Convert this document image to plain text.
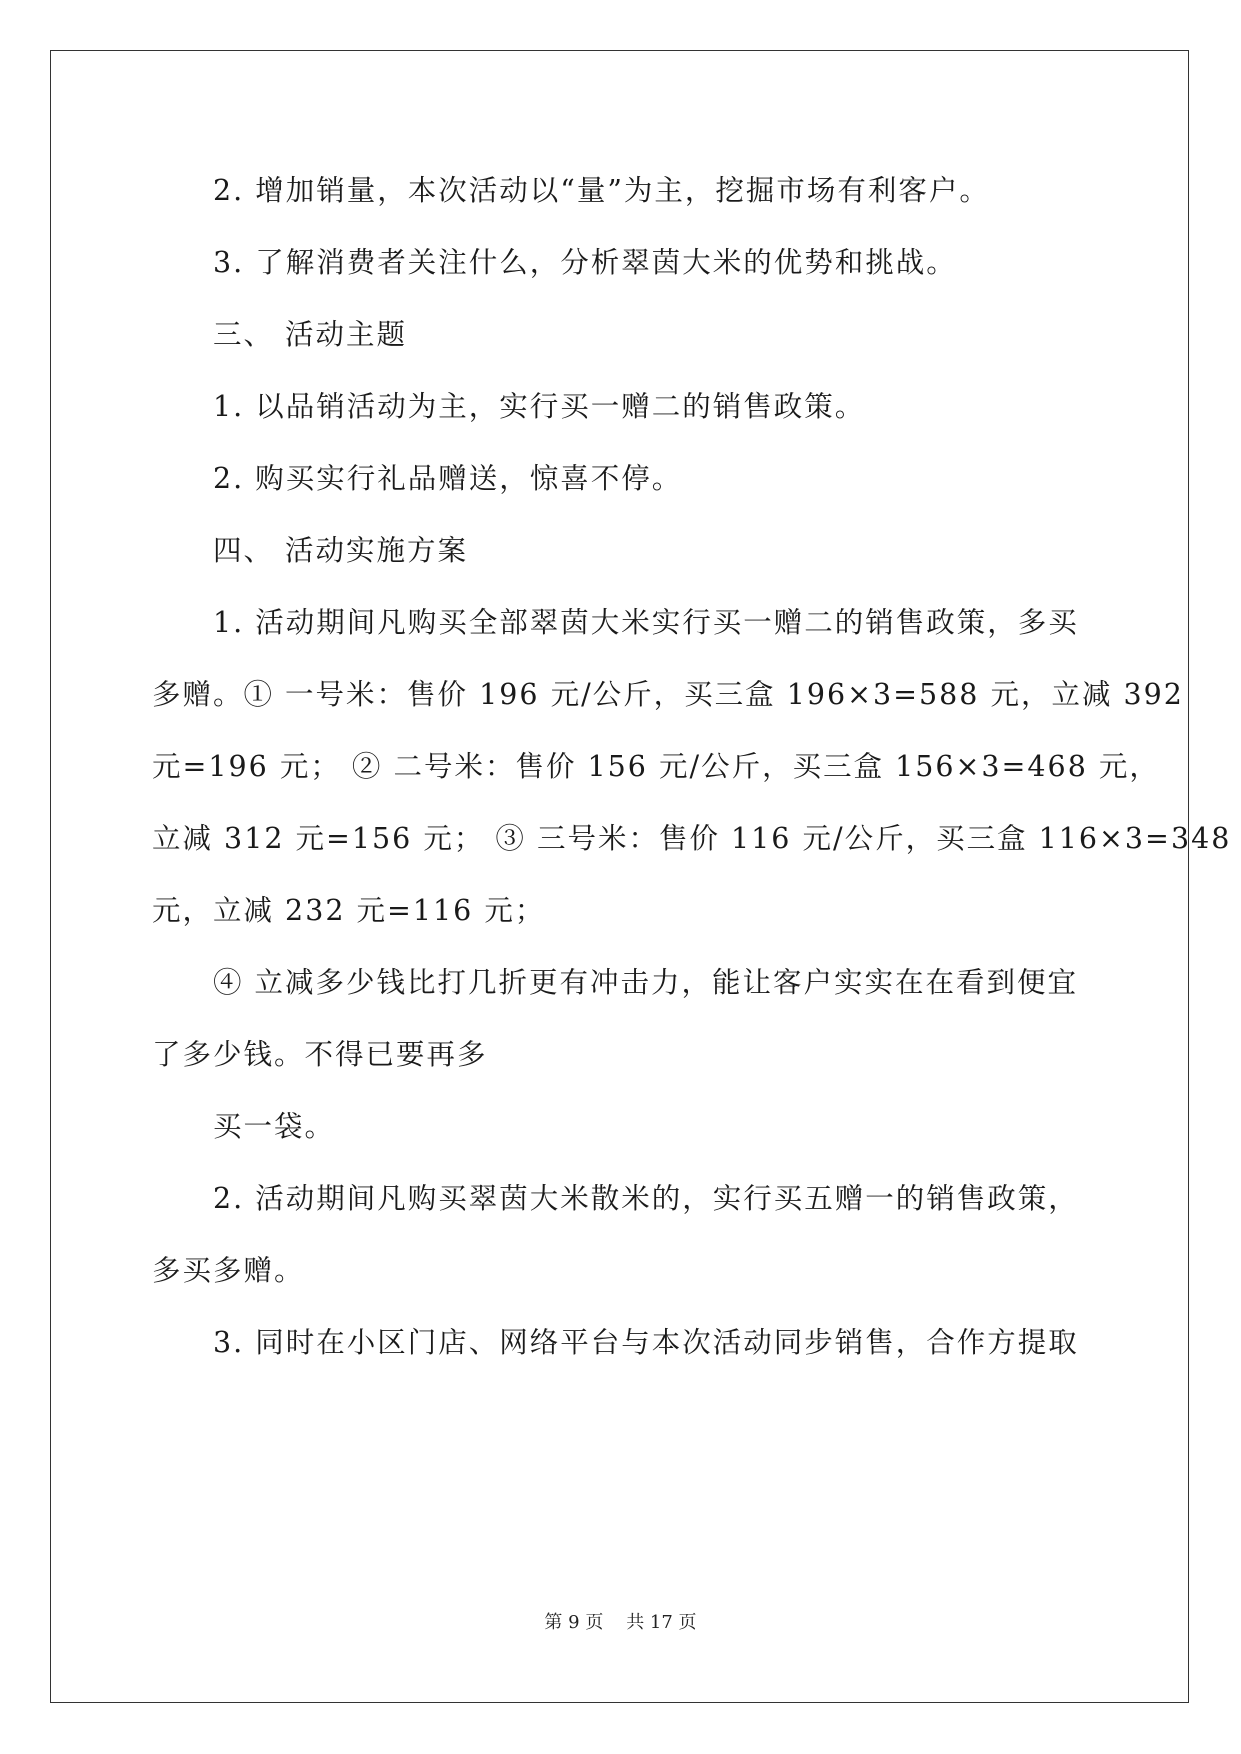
2. 增加销量，本次活动以“量”为主，挖掘市场有利客户。
3. 了解消费者关注什么，分析翠茵大米的优势和挑战。
三、 活动主题
1. 以品销活动为主，实行买一赠二的销售政策。
2. 购买实行礼品赠送，惊喜不停。
四、 活动实施方案
1. 活动期间凡购买全部翠茵大米实行买一赠二的销售政策，多买
多赠。① 一号米：售价 196 元/公斤，买三盒 196×3=588 元，立减 392
元=196 元； ② 二号米：售价 156 元/公斤，买三盒 156×3=468 元，
立减 312 元=156 元； ③ 三号米：售价 116 元/公斤，买三盒 116×3=348
元，立减 232 元=116 元；
④ 立减多少钱比打几折更有冲击力，能让客户实实在在看到便宜
了多少钱。不得已要再多
买一袋。
2. 活动期间凡购买翠茵大米散米的，实行买五赠一的销售政策，
多买多赠。
3. 同时在小区门店、网络平台与本次活动同步销售，合作方提取
第 9 页    共 17 页
